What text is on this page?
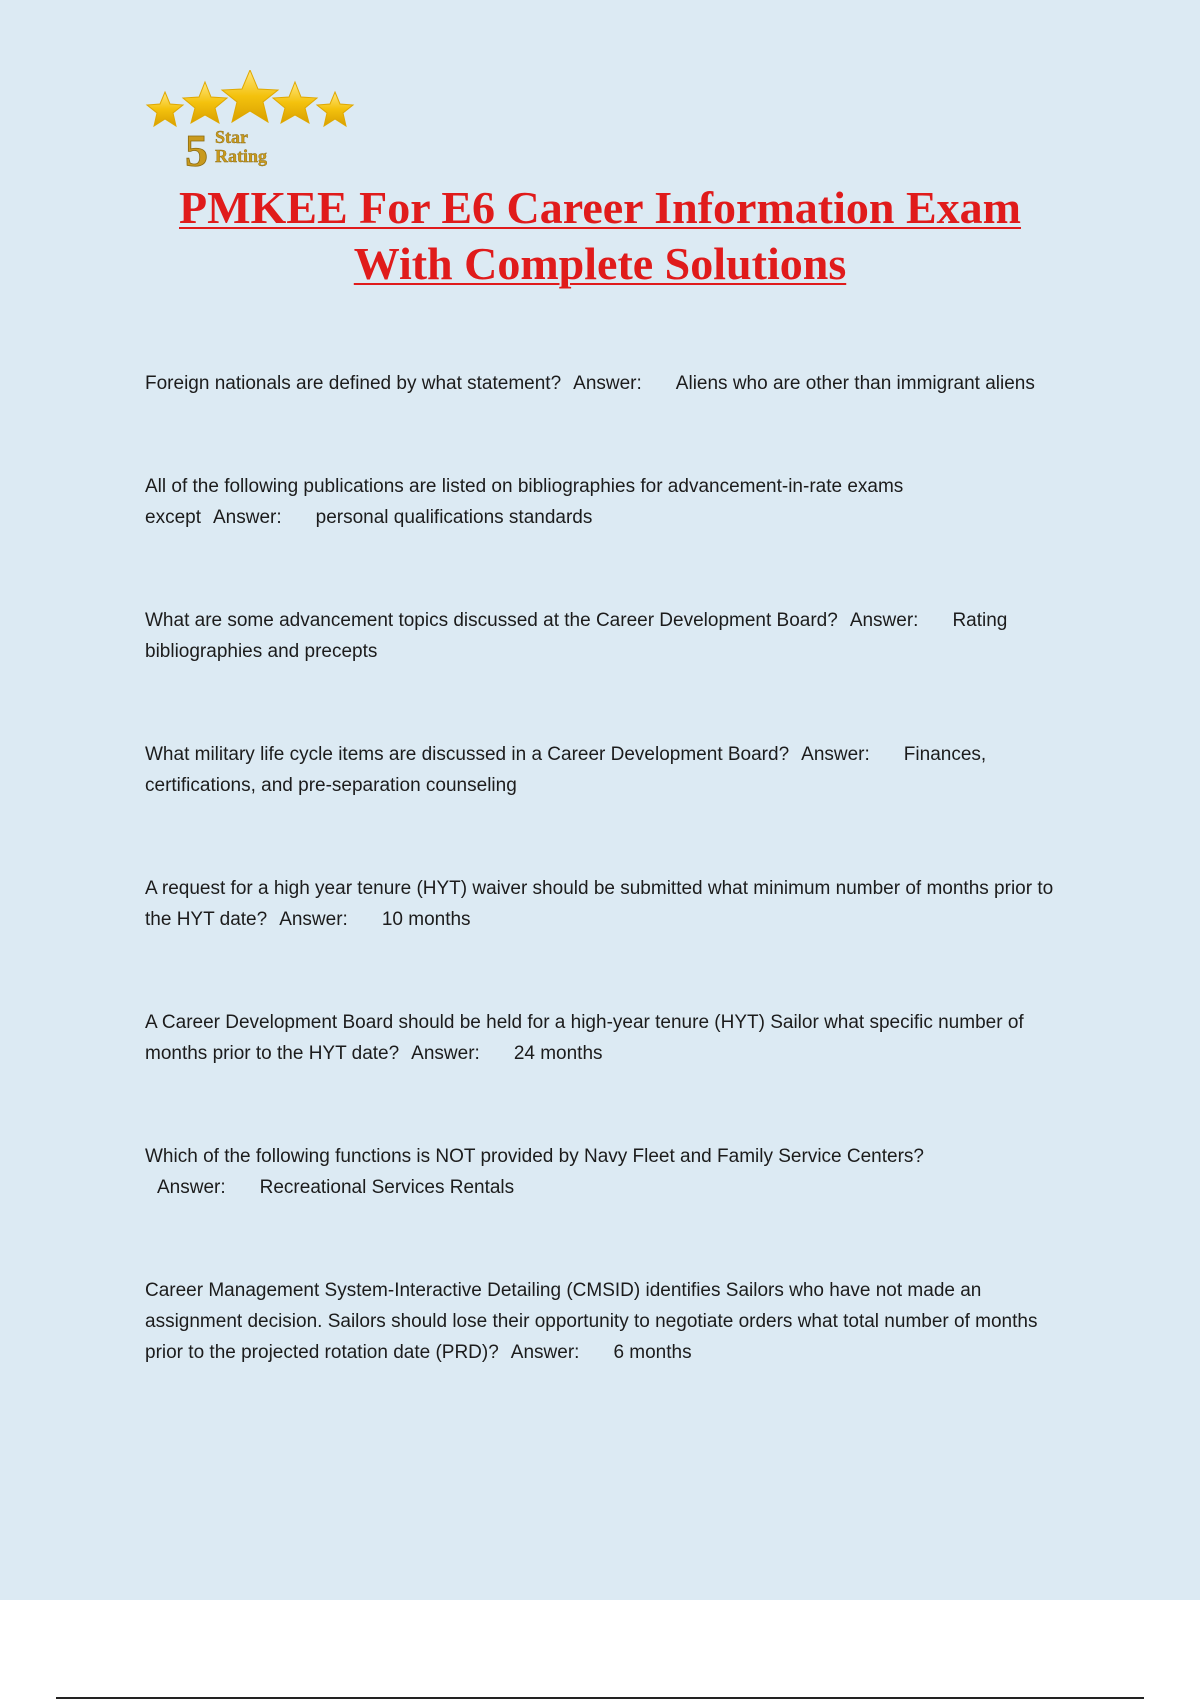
5 Star
Rating
PMKEE For E6 Career Information Exam
With Complete Solutions

Foreign nationals are defined by what statement? Answer: Aliens who are other than immigrant aliens

All of the following publications are listed on bibliographies for advancement-in-rate exams except Answer: personal qualifications standards

What are some advancement topics discussed at the Career Development Board? Answer: Rating bibliographies and precepts

What military life cycle items are discussed in a Career Development Board? Answer: Finances, certifications, and pre-separation counseling

A request for a high year tenure (HYT) waiver should be submitted what minimum number of months prior to the HYT date? Answer: 10 months

A Career Development Board should be held for a high-year tenure (HYT) Sailor what specific number of months prior to the HYT date? Answer: 24 months

Which of the following functions is NOT provided by Navy Fleet and Family Service Centers?Answer: Recreational Services Rentals

Career Management System-Interactive Detailing (CMSID) identifies Sailors who have not made an assignment decision. Sailors should lose their opportunity to negotiate orders what total number of months prior to the projected rotation date (PRD)? Answer: 6 months
